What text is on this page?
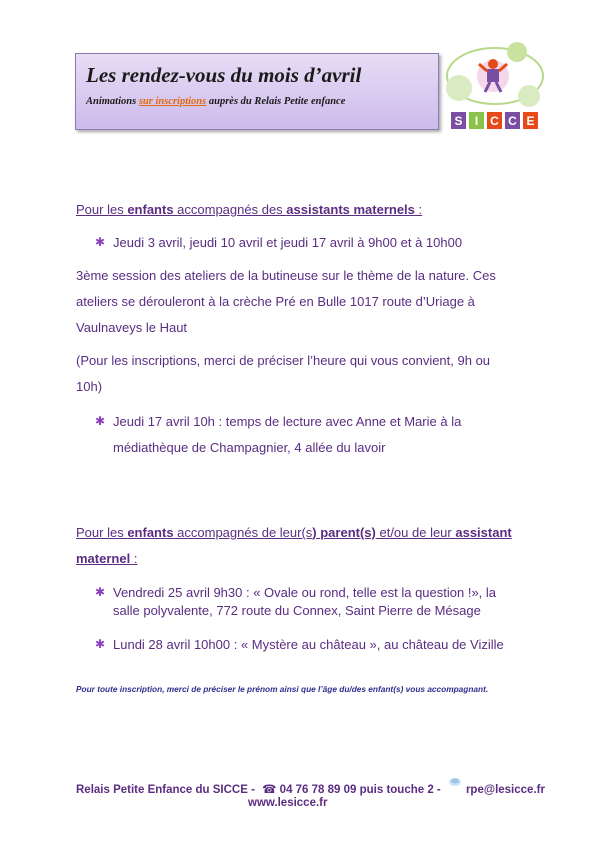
Les rendez-vous du mois d’avril
Animations sur inscriptions auprès du Relais Petite enfance
S I C C E
Pour les enfants accompagnés des assistants maternels :
✱ Jeudi 3 avril, jeudi 10 avril et jeudi 17 avril à 9h00 et à 10h00
3ème session des ateliers de la butineuse sur le thème de la nature. Ces
ateliers se dérouleront à la crèche Pré en Bulle 1017 route d’Uriage à
Vaulnaveys le Haut
(Pour les inscriptions, merci de préciser l’heure qui vous convient, 9h ou
10h)
✱ Jeudi 17 avril 10h : temps de lecture avec Anne et Marie à la
médiathèque de Champagnier, 4 allée du lavoir
Pour les enfants accompagnés de leur(s) parent(s) et/ou de leur assistant
maternel :
✱ Vendredi 25 avril 9h30 : « Ovale ou rond, telle est la question !», la
salle polyvalente, 772 route du Connex, Saint Pierre de Mésage
✱ Lundi 28 avril 10h00 : « Mystère au château », au château de Vizille
Pour toute inscription, merci de préciser le prénom ainsi que l’âge du/des enfant(s) vous accompagnant.
Relais Petite Enfance du SICCE - ☎ 04 76 78 89 09 puis touche 2 - rpe@lesicce.fr
www.lesicce.fr
